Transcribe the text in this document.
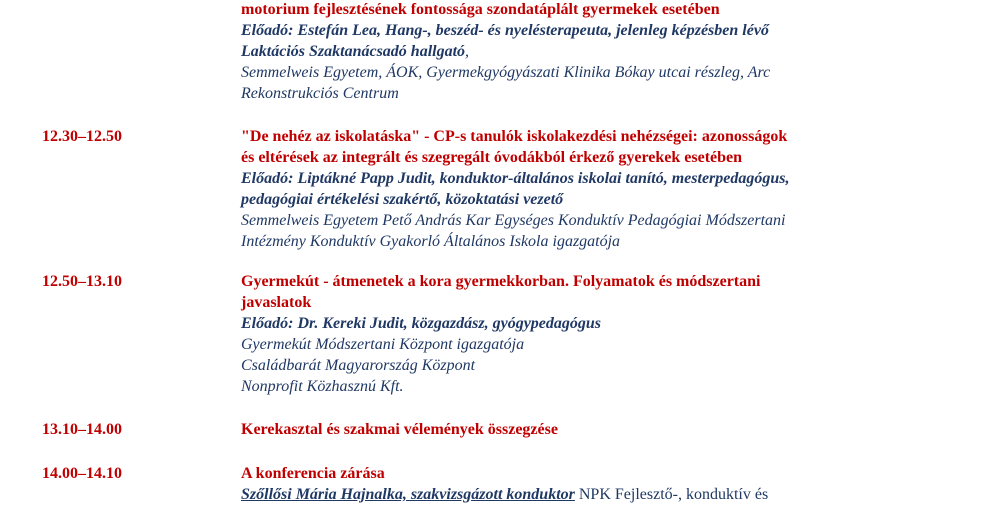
motorium fejlesztésének fontossága szondatáplált gyermekek esetében
Előadó: Estefán Lea, Hang-, beszéd- és nyelésterapeuta, jelenleg képzésben lévő
Laktációs Szaktanácsadó hallgató,
Semmelweis Egyetem, ÁOK, Gyermekgyógyászati Klinika Bókay utcai részleg, Arc
Rekonstrukciós Centrum
12.30–12.50	"De nehéz az iskolatáska" - CP-s tanulók iskolakezdési nehézségei: azonosságok
és eltérések az integrált és szegregált óvodákból érkező gyerekek esetében
Előadó: Liptákné Papp Judit, konduktor-általános iskolai tanító, mesterpedagógus,
pedagógiai értékelési szakértő, közoktatási vezető
Semmelweis Egyetem Pető András Kar Egységes Konduktív Pedagógiai Módszertani
Intézmény Konduktív Gyakorló Általános Iskola igazgatója
12.50–13.10	Gyermekút - átmenetek a kora gyermekkorban. Folyamatok és módszertani
javaslatok
Előadó: Dr. Kereki Judit, közgazdász, gyógypedagógus
Gyermekút Módszertani Központ igazgatója
Családbarát Magyarország Központ
Nonprofit Közhasznú Kft.
13.10–14.00	Kerekasztal és szakmai vélemények összegzése
14.00–14.10	A konferencia zárása
Szőllősi Mária Hajnalka, szakvizsgázott konduktor NPK Fejlesztő-, konduktív és
